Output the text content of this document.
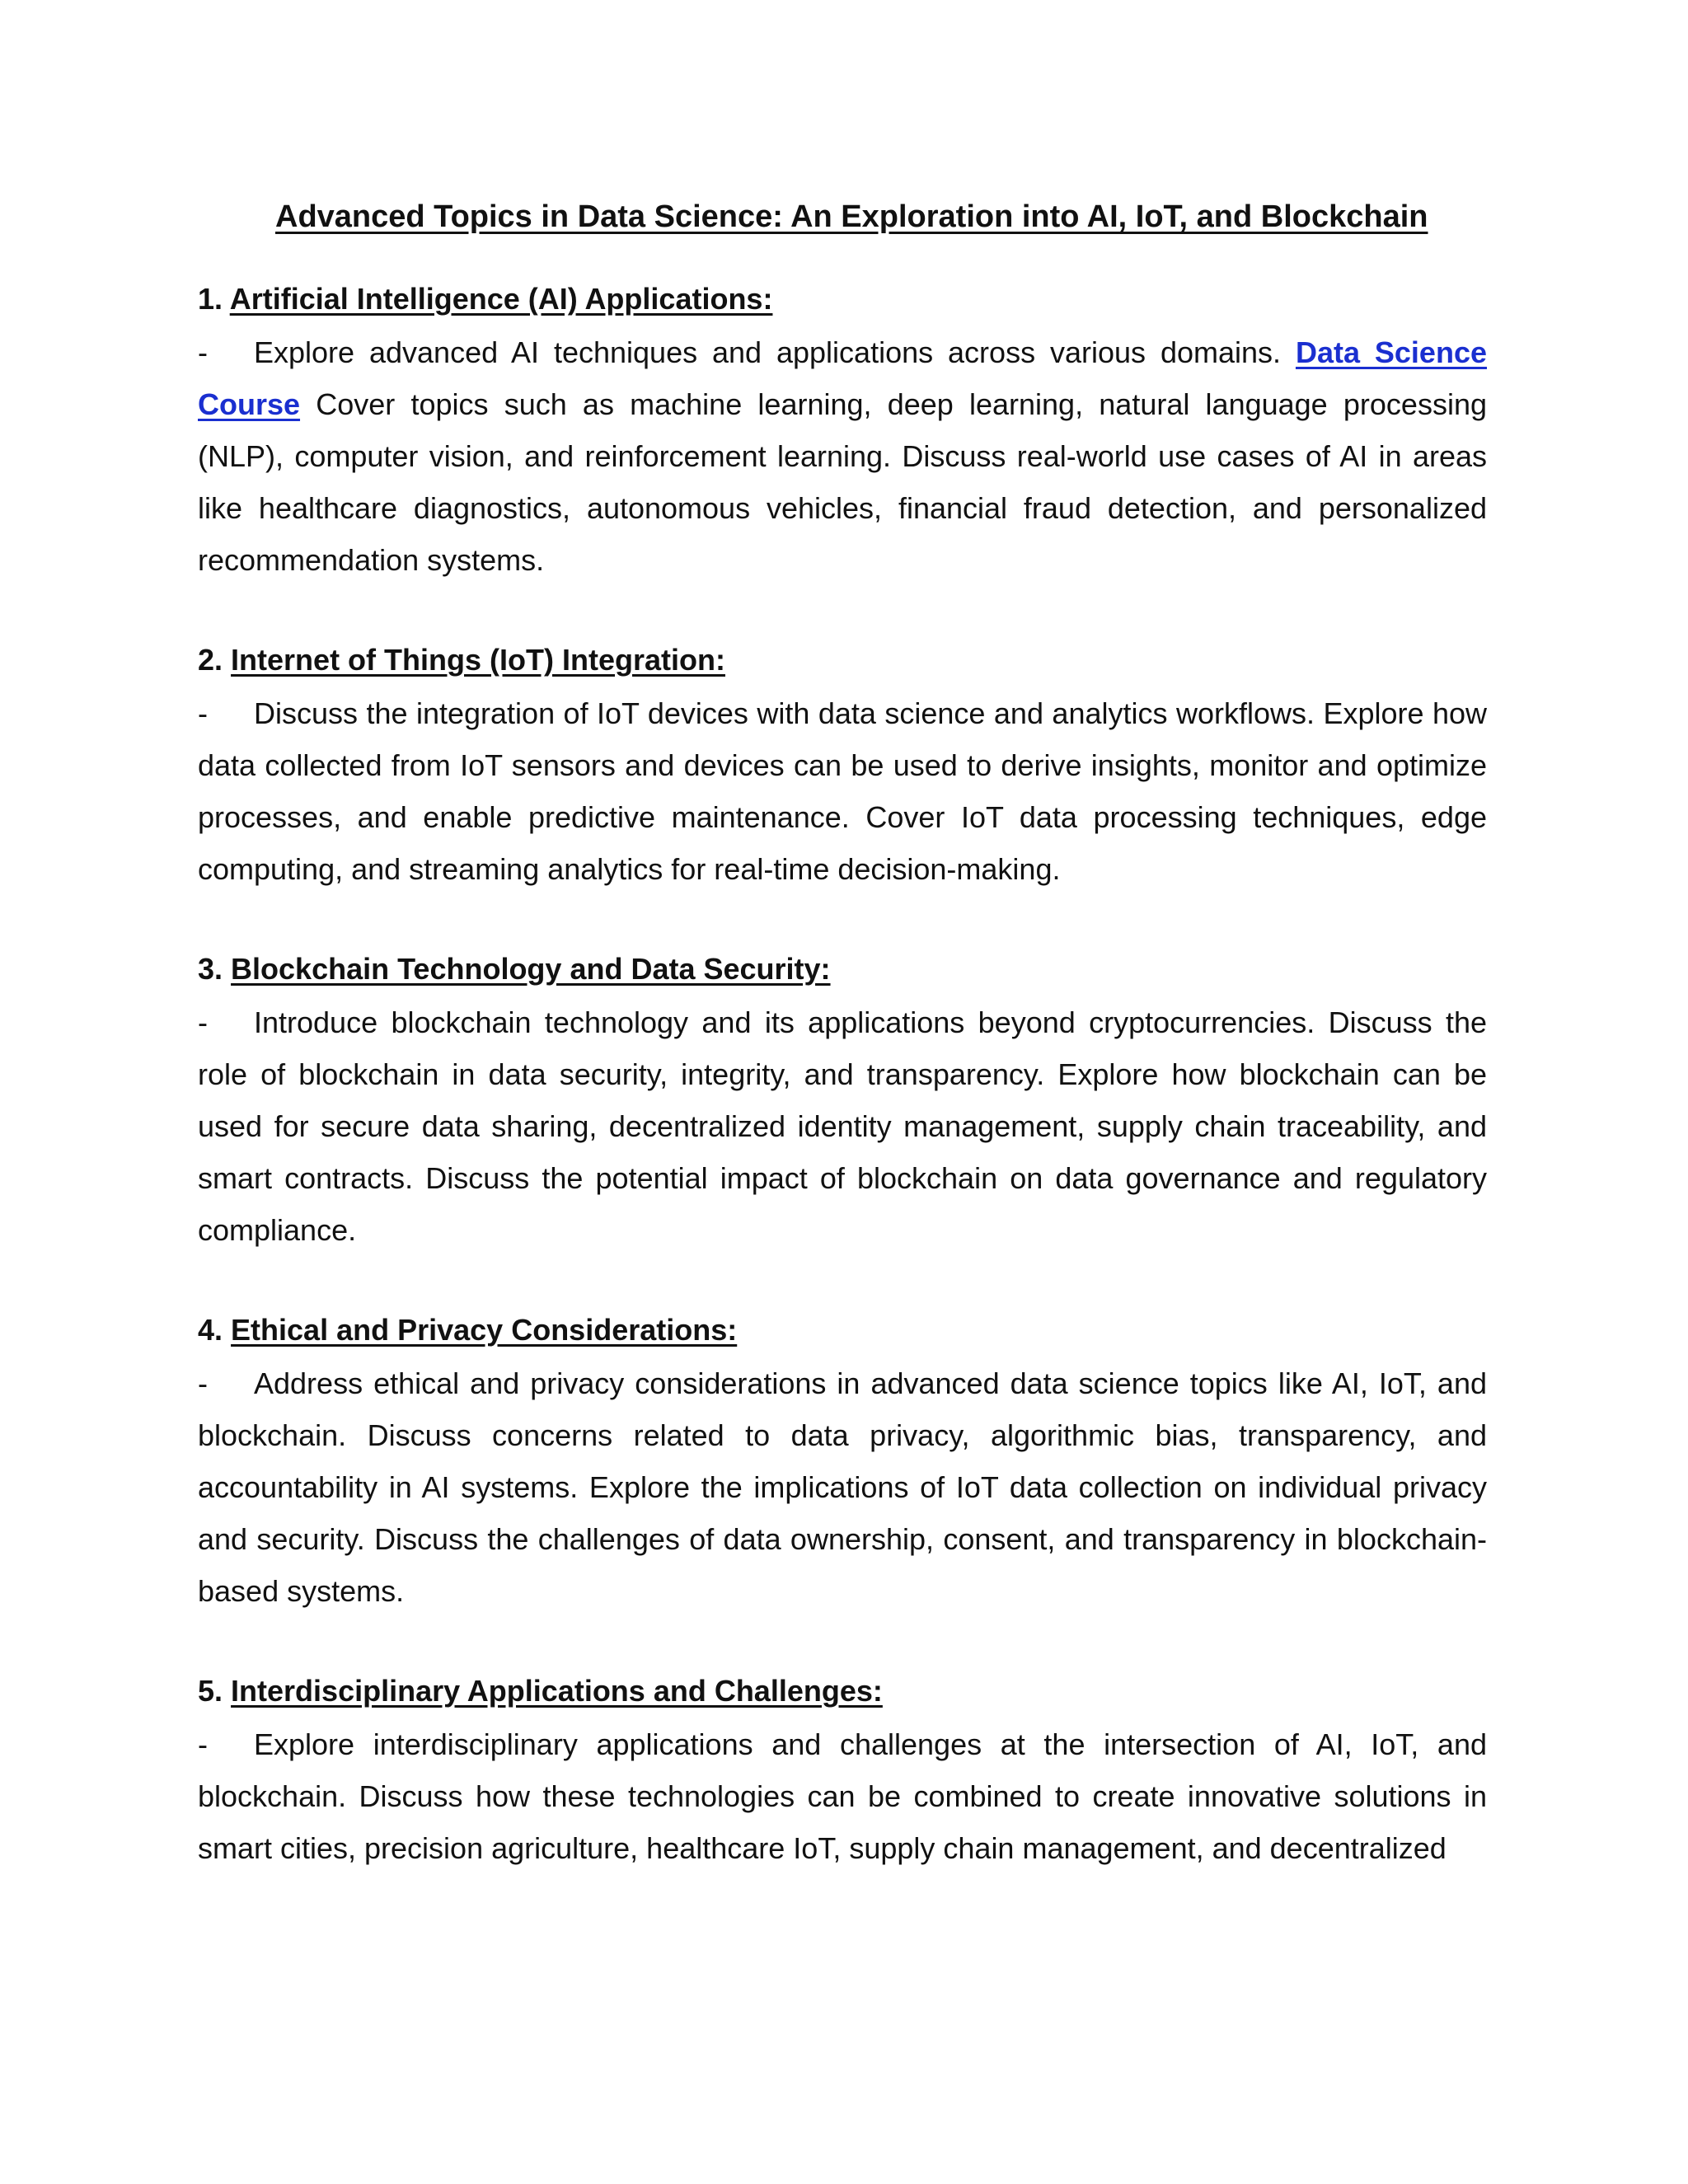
Advanced Topics in Data Science: An Exploration into AI, IoT, and Blockchain
1. Artificial Intelligence (AI) Applications:

- Explore advanced AI techniques and applications across various domains. Data Science Course Cover topics such as machine learning, deep learning, natural language processing (NLP), computer vision, and reinforcement learning. Discuss real-world use cases of AI in areas like healthcare diagnostics, autonomous vehicles, financial fraud detection, and personalized recommendation systems.

2. Internet of Things (IoT) Integration:

- Discuss the integration of IoT devices with data science and analytics workflows. Explore how data collected from IoT sensors and devices can be used to derive insights, monitor and optimize processes, and enable predictive maintenance. Cover IoT data processing techniques, edge computing, and streaming analytics for real-time decision-making.

3. Blockchain Technology and Data Security:

- Introduce blockchain technology and its applications beyond cryptocurrencies. Discuss the role of blockchain in data security, integrity, and transparency. Explore how blockchain can be used for secure data sharing, decentralized identity management, supply chain traceability, and smart contracts. Discuss the potential impact of blockchain on data governance and regulatory compliance.

4. Ethical and Privacy Considerations:

- Address ethical and privacy considerations in advanced data science topics like AI, IoT, and blockchain. Discuss concerns related to data privacy, algorithmic bias, transparency, and accountability in AI systems. Explore the implications of IoT data collection on individual privacy and security. Discuss the challenges of data ownership, consent, and transparency in blockchain-based systems.

5. Interdisciplinary Applications and Challenges:

- Explore interdisciplinary applications and challenges at the intersection of AI, IoT, and blockchain. Discuss how these technologies can be combined to create innovative solutions in smart cities, precision agriculture, healthcare IoT, supply chain management, and decentralized
